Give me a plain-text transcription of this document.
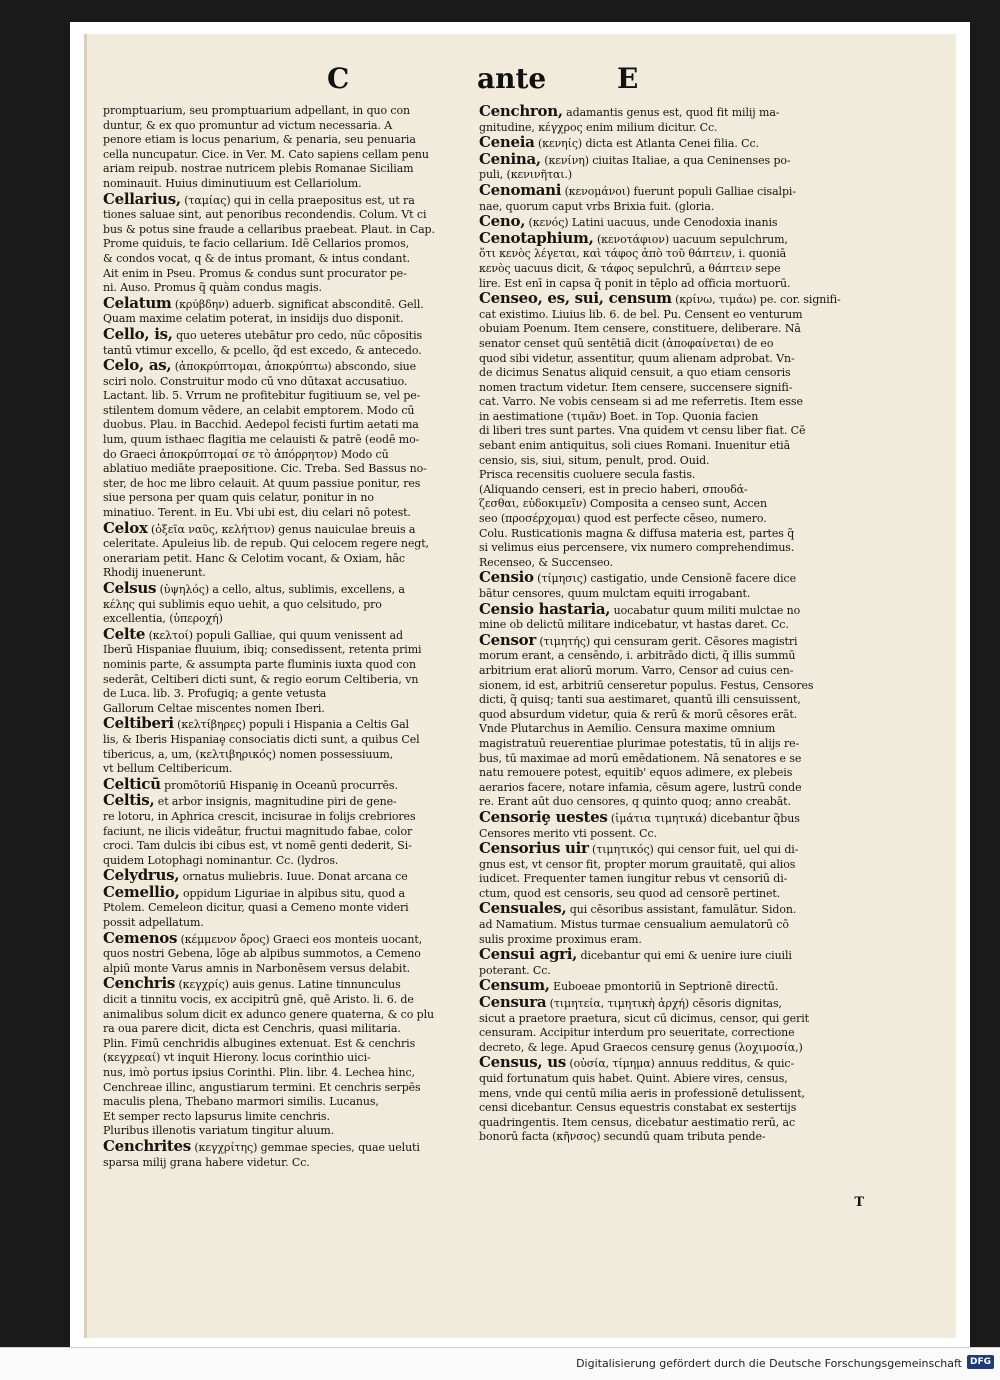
C	ante	E
promptuarium, seu promptuarium adpellant, in quo con
duntur, & ex quo promuntur ad victum necessaria. A
penore etiam is locus penarium, & penaria, seu penuaria
cella nuncupatur. Cice. in Ver. M. Cato sapiens cellam penu
ariam reipub. nostrae nutricem plebis Romanae Siciliam
nominauit. Huius diminutiuum est Cellariolum.
Cellarius, (ταμίας) qui in cella praepositus est, ut ra
tiones saluae sint, aut penoribus recondendis. Colum. Vt ci
bus & potus sine fraude a cellaribus praebeat. Plaut. in Cap.
Prome quiduis, te facio cellarium. Idē Cellarios promos,
& condos vocat, q & de intus promant, & intus condant.
Ait enim in Pseu. Promus & condus sunt procurator pe-
ni. Auso. Promus q̃ quàm condus magis.
Celatum (κρύβδην) aduerb. significat absconditē. Gell.
Quam maxime celatim poterat, in insidijs duo disponit.
Cello, is, quo ueteres utebātur pro cedo, nūc cōpositis
tantū vtimur excello, & pcello, q̃d est excedo, & antecedo.
Celo, as, (ἀποκρύπτομαι, ἀποκρύπτω) abscondo, siue
sciri nolo. Construitur modo cū vno dūtaxat accusatiuo.
Lactant. lib. 5. Vrrum ne profitebitur fugitiuum se, vel pe-
stilentem domum vēdere, an celabit emptorem. Modo cū
duobus. Plau. in Bacchid. Aedepol fecisti furtim aetati ma
lum, quum isthaec flagitia me celauisti & patrē (eodē mo-
do Graeci ἀποκρύπτομαί σε τὸ ἀπόρρητον) Modo cū
ablatiuo mediāte praepositione. Cic. Treba. Sed Bassus no-
ster, de hoc me libro celauit. At quum passiue ponitur, res
siue persona per quam quis celatur, ponitur in no
minatiuo. Terent. in Eu. Vbi ubi est, diu celari nō potest.
Celox (ὀξεῖα ναῦς, κελήτιον) genus nauiculae breuis a
celeritate. Apuleius lib. de repub. Qui celocem regere negt,
onerariam petit. Hanc & Celotim vocant, & Oxiam, hāc
Rhodij inuenerunt.
Celsus (ὑψηλός) a cello, altus, sublimis, excellens, a
κέλης qui sublimis equo uehit, a quo celsitudo, pro
excellentia, (ὑπεροχή)
Celte (κελτοί) populi Galliae, qui quum venissent ad
Iberū Hispaniae fluuium, ibiq; consedissent, retenta primi
nominis parte, & assumpta parte fluminis iuxta quod con
sederāt, Celtiberi dicti sunt, & regio eorum Celtiberia, vn
de Luca. lib. 3. Profugiq; a gente vetusta
Gallorum Celtae miscentes nomen Iberi.
Celtiberi (κελτίβηρες) populi i Hispania a Celtis Gal
lis, & Iberis Hispaniaȩ consociatis dicti sunt, a quibus Cel
tibericus, a, um, (κελτιβηρικός) nomen possessiuum,
vt bellum Celtibericum.
Celticū promōtoriū Hispaniȩ in Oceanū procurrēs.
Celtis, et arbor insignis, magnitudine piri de gene-
re lotoru, in Aphrica crescit, incisurae in folijs crebriores
faciunt, ne ilicis videātur, fructui magnitudo fabae, color
croci. Tam dulcis ibi cibus est, vt nomē genti dederit, Si-
quidem Lotophagi nominantur. Cc. (lydros.
Celydrus, ornatus muliebris. Iuue. Donat arcana ce
Cemellio, oppidum Liguriae in alpibus situ, quod a
Ptolem. Cemeleon dicitur, quasi a Cemeno monte videri
possit adpellatum.
Cemenos (κέμμενον ὄρος) Graeci eos monteis uocant,
quos nostri Gebena, lōge ab alpibus summotos, a Cemeno
alpiū monte Varus amnis in Narbonēsem versus delabit.
Cenchris (κεγχρίς) auis genus. Latine tinnunculus
dicit a tinnitu vocis, ex accipitrū gnē, quē Aristo. li. 6. de
animalibus solum dicit ex adunco genere quaterna, & co plu
ra oua parere dicit, dicta est Cenchris, quasi militaria.
Plin. Fimū cenchridis albugines extenuat. Est & cenchris
(κεγχρεαί) vt inquit Hierony. locus corinthio uici-
nus, imò portus ipsius Corinthi. Plin. libr. 4. Lechea hinc,
Cenchreae illinc, angustiarum termini. Et cenchris serpēs
maculis plena, Thebano marmori similis. Lucanus,
Et semper recto lapsurus limite cenchris.
Pluribus illenotis variatum tingitur aluum.
Cenchrites (κεγχρίτης) gemmae species, quae ueluti
sparsa milij grana habere videtur. Cc.
Cenchron, adamantis genus est, quod fit milij ma-
gnitudine, κέγχρος enim milium dicitur. Cc.
Ceneia (κενηίς) dicta est Atlanta Cenei filia. Cc.
Cenina, (κενίνη) ciuitas Italiae, a qua Ceninenses po-
puli, (κενινῆται.)
Cenomani (κενομάνοι) fuerunt populi Galliae cisalpi-
nae, quorum caput vrbs Brixia fuit. (gloria.
Ceno, (κενός) Latini uacuus, unde Cenodoxia inanis
Cenotaphium, (κενοτάφιον) uacuum sepulchrum,
ὅτι κενὸς λέγεται, καὶ τάφος ἀπὸ τοῦ θάπτειν, i. quoniā
κενὸς uacuus dicit, & τάφος sepulchrū, a θάπτειν sepe
lire. Est enī in capsa q̃ ponit in tēplo ad officia mortuorū.
Censeo, es, sui, censum (κρίνω, τιμάω) pe. cor. signifi-
cat existimo. Liuius lib. 6. de bel. Pu. Censent eo venturum
obuiam Poenum. Item censere, constituere, deliberare. Nā
senator censet quū sentētiā dicit (ἀποφαίνεται) de eo
quod sibi videtur, assentitur, quum alienam adprobat. Vn-
de dicimus Senatus aliquid censuit, a quo etiam censoris
nomen tractum videtur. Item censere, succensere signifi-
cat. Varro. Ne vobis censeam si ad me referretis. Item esse
in aestimatione (τιμᾶν) Boet. in Top. Quonia facien
di liberi tres sunt partes. Vna quidem vt censu liber fiat. Cē
sebant enim antiquitus, soli ciues Romani. Inuenitur etiā
censio, sis, siui, situm, penult, prod. Ouid.
Prisca recensitis cuoluere secula fastis.
(Aliquando censeri, est in precio haberi, σπουδά-
ζεσθαι, εὐδοκιμεῖν) Composita a censeo sunt, Accen
seo (προσέρχομαι) quod est perfecte cēseo, numero.
Colu. Rusticationis magna & diffusa materia est, partes q̃
si velimus eius percensere, vix numero comprehendimus.
Recenseo, & Succenseo.
Censio (τίμησις) castigatio, unde Censionē facere dice
bātur censores, quum mulctam equiti irrogabant.
Censio hastaria, uocabatur quum militi mulctae no
mine ob delictū militare indicebatur, vt hastas daret. Cc.
Censor (τιμητής) qui censuram gerit. Cēsores magistri
morum erant, a censēndo, i. arbitrādo dicti, q̃ illis summū
arbitrium erat aliorū morum. Varro, Censor ad cuius cen-
sionem, id est, arbitriū censeretur populus. Festus, Censores
dicti, q̃ quisq; tanti sua aestimaret, quantū illi censuissent,
quod absurdum videtur, quia & rerū & morū cēsores erāt.
Vnde Plutarchus in Aemilio. Censura maxime omnium
magistratuū reuerentiae plurimae potestatis, tū in alijs re-
bus, tū maximae ad morū emēdationem. Nā senatores e se
natu remouere potest, equitib' equos adimere, ex plebeis
aerarios facere, notare infamia, cēsum agere, lustrū conde
re. Erant aūt duo censores, q quinto quoq; anno creabāt.
Censoriȩ uestes (ἱμάτια τιμητικά) dicebantur q̃bus
Censores merito vti possent. Cc.
Censorius uir (τιμητικός) qui censor fuit, uel qui di-
gnus est, vt censor fit, propter morum grauitatē, qui alios
iudicet. Frequenter tamen iungitur rebus vt censoriū di-
ctum, quod est censoris, seu quod ad censorē pertinet.
Censuales, qui cēsoribus assistant, famulātur. Sidon.
ad Namatium. Mistus turmae censualium aemulatorū cō
sulis proxime proximus eram.
Censui agri, dicebantur qui emi & uenire iure ciuili
poterant. Cc.
Censum, Euboeae pmontoriū in Septrionē directū.
Censura (τιμητεία, τιμητικὴ ἀρχή) cēsoris dignitas,
sicut a praetore praetura, sicut cū dicimus, censor, qui gerit
censuram. Accipitur interdum pro seueritate, correctione
decreto, & lege. Apud Graecos censurȩ genus (λοχιμοσία,)
Census, us (οὐσία, τίμημα) annuus redditus, & quic-
quid fortunatum quis habet. Quint. Abiere vires, census,
mens, vnde qui centū milia aeris in professionē detulissent,
censi dicebantur. Census equestris constabat ex sestertijs
quadringentis. Item census, dicebatur aestimatio rerū, ac
bonorū facta (κῆνσος) secundū quam tributa pende-
T
Digitalisierung gefördert durch die Deutsche Forschungsgemeinschaft DFG
